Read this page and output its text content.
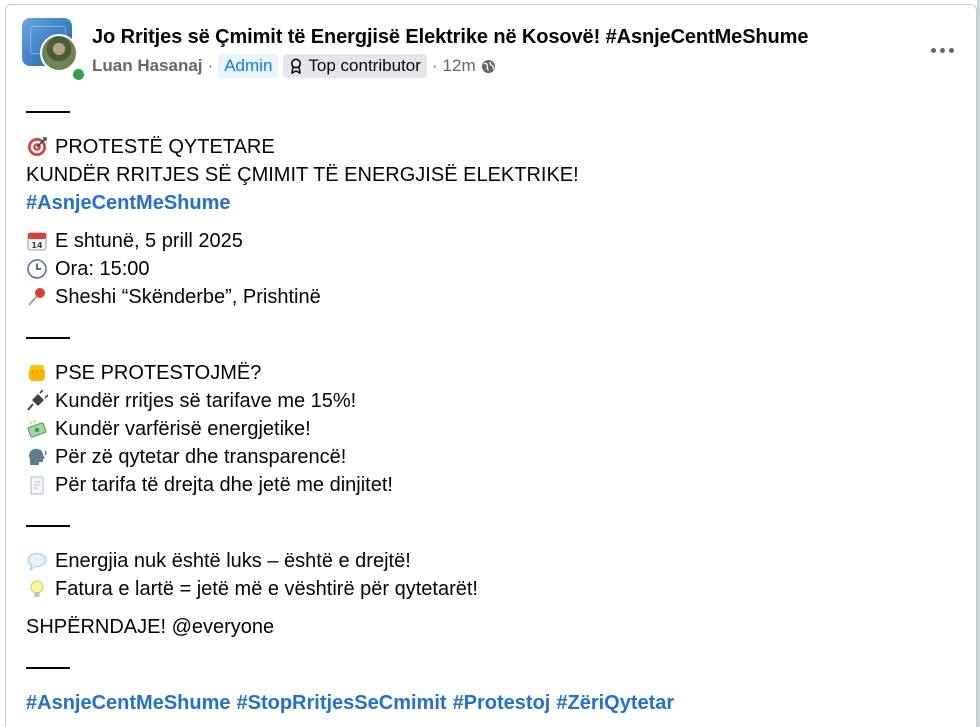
Jo Rritjes së Çmimit të Energjisë Elektrike në Kosovë! #AsnjeCentMeShume
Luan Hasanaj · Admin	Top contributor · 12m
PROTESTË QYTETARE
KUNDËR RRITJES SË ÇMIMIT TË ENERGJISË ELEKTRIKE!
#AsnjeCentMeShume
14 E shtunë, 5 prill 2025
Ora: 15:00
Sheshi “Skënderbe”, Prishtinë
PSE PROTESTOJMË?
Kundër rritjes së tarifave me 15%!
Kundër varfërisë energjetike!
Për zë qytetar dhe transparencë!
Për tarifa të drejta dhe jetë me dinjitet!
Energjia nuk është luks – është e drejtë!
Fatura e lartë = jetë më e vështirë për qytetarët!
SHPËRNDAJE! @everyone
#AsnjeCentMeShume #StopRritjesSeCmimit #Protestoj #ZëriQytetar
